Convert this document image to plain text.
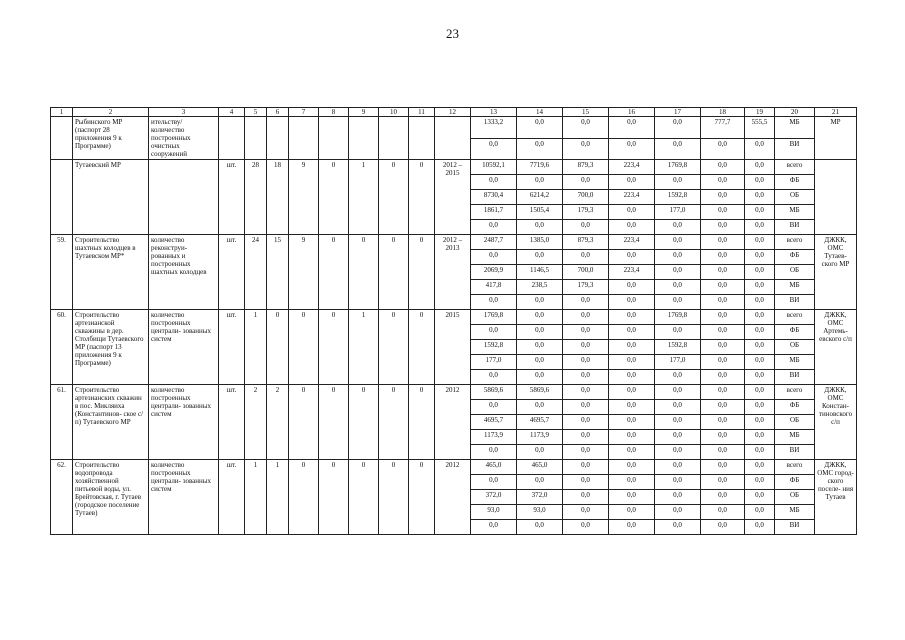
23
1	2	3	4	5	6	7	8	9	10	11	12	13	14	15	16	17	18	19	20	21
	Рыбинского МР (паспорт 28 приложения 9 к Программе)	ительству/ количество построенных очистных сооружений										1333,2	0,0	0,0	0,0	0,0	777,7	555,5	МБ	МР
												0,0	0,0	0,0	0,0	0,0	0,0	0,0	ВИ	
	Тутаевский МР		шт.	28	18	9	0	1	0	0	2012 – 2015	10592,1	7719,6	879,3	223,4	1769,8	0,0	0,0	всего	
												0,0	0,0	0,0	0,0	0,0	0,0	0,0	ФБ	
												8730,4	6214,2	700,0	223,4	1592,8	0,0	0,0	ОБ	
												1861,7	1505,4	179,3	0,0	177,0	0,0	0,0	МБ	
												0,0	0,0	0,0	0,0	0,0	0,0	0,0	ВИ	
59.	Строительство шахтных колодцев в Тутаевском МР*	количество реконструи- рованных и построенных шахтных колодцев	шт.	24	15	9	0	0	0	0	2012 – 2013	2487,7	1385,0	879,3	223,4	0,0	0,0	0,0	всего	ДЖКК, ОМС Тутаев- ского МР
												0,0	0,0	0,0	0,0	0,0	0,0	0,0	ФБ	
												2069,9	1146,5	700,0	223,4	0,0	0,0	0,0	ОБ	
												417,8	238,5	179,3	0,0	0,0	0,0	0,0	МБ	
												0,0	0,0	0,0	0,0	0,0	0,0	0,0	ВИ	
60.	Строительство артезианской скважины в дер. Столбищи Тутаевского МР (паспорт 13 приложения 9 к Программе)	количество построенных централи- зованных систем	шт.	1	0	0	0	1	0	0	2015	1769,8	0,0	0,0	0,0	1769,8	0,0	0,0	всего	ДЖКК, ОМС Артемь- евского с/п
												0,0	0,0	0,0	0,0	0,0	0,0	0,0	ФБ	
												1592,8	0,0	0,0	0,0	1592,8	0,0	0,0	ОБ	
												177,0	0,0	0,0	0,0	177,0	0,0	0,0	МБ	
												0,0	0,0	0,0	0,0	0,0	0,0	0,0	ВИ	
61.	Строительство артезианских скважин в пос. Микляиха (Константинов- ское с/п) Тутаевского МР	количество построенных централи- зованных систем	шт.	2	2	0	0	0	0	0	2012	5869,6	5869,6	0,0	0,0	0,0	0,0	0,0	всего	ДЖКК, ОМС Констан- тиновского с/п
												0,0	0,0	0,0	0,0	0,0	0,0	0,0	ФБ	
												4695,7	4695,7	0,0	0,0	0,0	0,0	0,0	ОБ	
												1173,9	1173,9	0,0	0,0	0,0	0,0	0,0	МБ	
												0,0	0,0	0,0	0,0	0,0	0,0	0,0	ВИ	
62.	Строительство водопровода хозяйственной питьевой воды, ул. Брейтовская, г. Тутаев (городское поселение Тутаев)	количество построенных централи- зованных систем	шт.	1	1	0	0	0	0	0	2012	465,0	465,0	0,0	0,0	0,0	0,0	0,0	всего	ДЖКК, ОМС город- ского поселе- ния Тутаев
												0,0	0,0	0,0	0,0	0,0	0,0	0,0	ФБ	
												372,0	372,0	0,0	0,0	0,0	0,0	0,0	ОБ	
												93,0	93,0	0,0	0,0	0,0	0,0	0,0	МБ	
												0,0	0,0	0,0	0,0	0,0	0,0	0,0	ВИ	
